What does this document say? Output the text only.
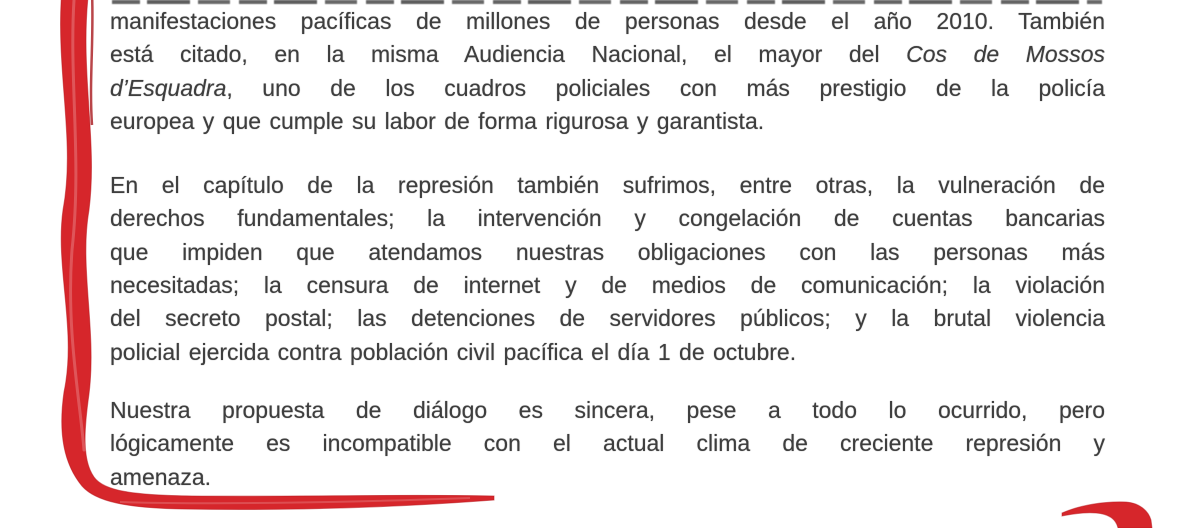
manifestaciones pacíficas de millones de personas desde el año 2010. También
está citado, en la misma Audiencia Nacional, el mayor del Cos de Mossos
d’Esquadra, uno de los cuadros policiales con más prestigio de la policía
europea y que cumple su labor de forma rigurosa y garantista.
En el capítulo de la represión también sufrimos, entre otras, la vulneración de
derechos fundamentales; la intervención y congelación de cuentas bancarias
que impiden que atendamos nuestras obligaciones con las personas más
necesitadas; la censura de internet y de medios de comunicación; la violación
del secreto postal; las detenciones de servidores públicos; y la brutal violencia
policial ejercida contra población civil pacífica el día 1 de octubre.
Nuestra propuesta de diálogo es sincera, pese a todo lo ocurrido, pero
lógicamente es incompatible con el actual clima de creciente represión y
amenaza.
